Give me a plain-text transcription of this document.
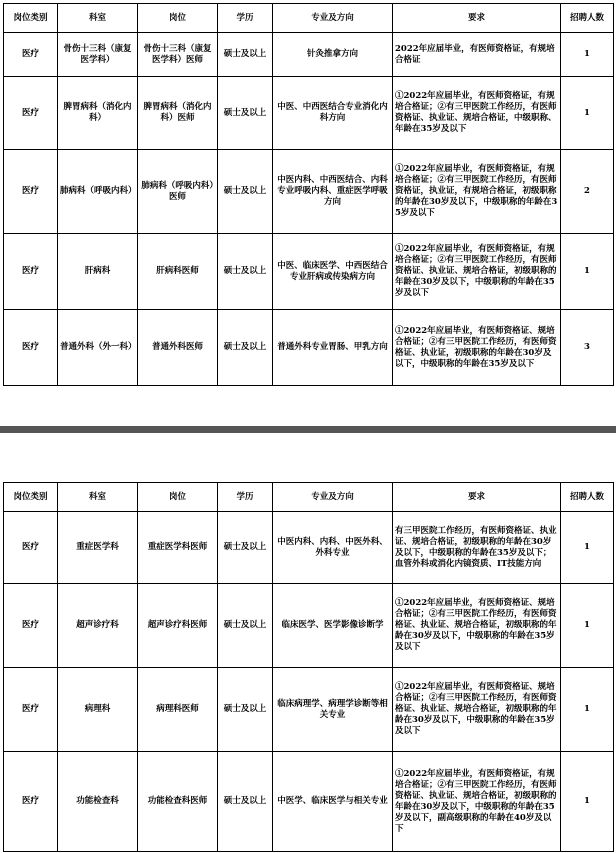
岗位类别	科室	岗位	学历	专业及方向	要求	招聘人数
医疗	骨伤十三科（康复医学科）	骨伤十三科（康复医学科）医师	硕士及以上	针灸推拿方向	2022年应届毕业，有医师资格证，有规培合格证	1
医疗	脾胃病科（消化内科）	脾胃病科（消化内科）医师	硕士及以上	中医、中西医结合专业消化内科方向	①2022年应届毕业，有医师资格证，有规培合格证；②有三甲医院工作经历，有医师资格证、执业证、规培合格证，中级职称、年龄在35岁及以下	1
医疗	肺病科（呼吸内科）	肺病科（呼吸内科）医师	硕士及以上	中医内科、中西医结合、内科专业呼吸内科、重症医学呼吸方向	①2022年应届毕业，有医师资格证，有规培合格证；②有三甲医院工作经历，有医师资格证，执业证，有规培合格证，初级职称的年龄在30岁及以下，中级职称的年龄在35岁及以下	2
医疗	肝病科	肝病科医师	硕士及以上	中医、临床医学、中西医结合专业肝病或传染病方向	①2022年应届毕业，有医师资格证，有规培合格证；②有三甲医院工作经历，有医师资格证、执业证、规培合格证，初级职称的年龄在30岁及以下，中级职称的年龄在35岁及以下	1
医疗	普通外科（外一科）	普通外科医师	硕士及以上	普通外科专业胃肠、甲乳方向	①2022年应届毕业，有医师资格证、规培合格证；②有三甲医院工作经历，有医师资格证、执业证，初级职称的年龄在30岁及以下，中级职称的年龄在35岁及以下	3
岗位类别	科室	岗位	学历	专业及方向	要求	招聘人数
医疗	重症医学科	重症医学科医师	硕士及以上	中医内科、内科、中医外科、外科专业	有三甲医院工作经历，有医师资格证、执业证、规培合格证，初级职称的年龄在30岁及以下，中级职称的年龄在35岁及以下；血管外科或消化内镜资质、IT技能方向	1
医疗	超声诊疗科	超声诊疗科医师	硕士及以上	临床医学、医学影像诊断学	①2022年应届毕业，有医师资格证、规培合格证；②有三甲医院工作经历，有医师资格证、执业证、规培合格证，初级职称的年龄在30岁及以下，中级职称的年龄在35岁及以下	1
医疗	病理科	病理科医师	硕士及以上	临床病理学、病理学诊断等相关专业	①2022年应届毕业，有医师资格证、规培合格证；②有三甲医院工作经历，有医师资格证、执业证、规培合格证，初级职称的年龄在30岁及以下，中级职称的年龄在35岁及以下	1
医疗	功能检查科	功能检查科医师	硕士及以上	中医学、临床医学与相关专业	①2022年应届毕业，有医师资格证，有规培合格证；②有三甲医院工作经历，有医师资格证、执业证、规培合格证，初级职称的年龄在30岁及以下，中级职称的年龄在35岁及以下，副高级职称的年龄在40岁及以下	1
